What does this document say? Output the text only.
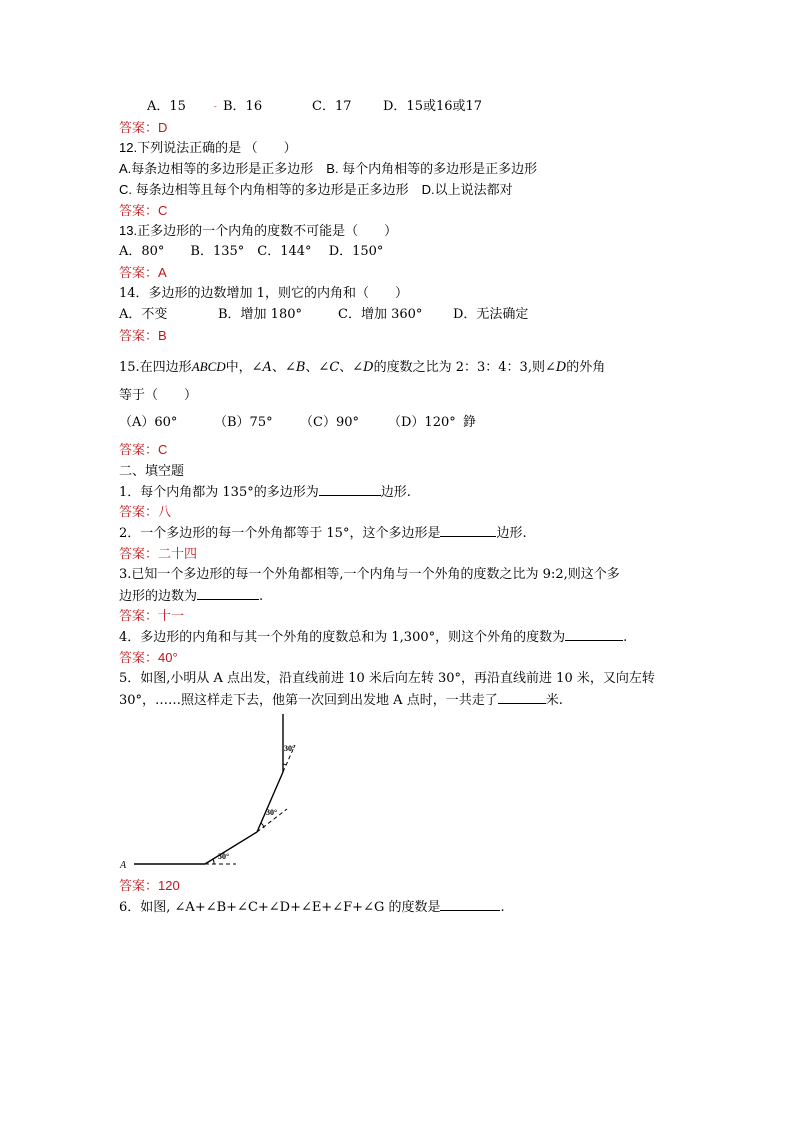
A．15	- B．16	C．17 D．15或16或17
答案：D
12.下列说法正确的是 （　　）
A.每条边相等的多边形是正多边形　B. 每个内角相等的多边形是正多边形
C. 每条边相等且每个内角相等的多边形是正多边形　D.以上说法都对
答案：C
13.正多边形的一个内角的度数不可能是（　　）
A．80°　　B．135°　C．144°　 D．150°
答案：A
14．多边形的边数增加 1，则它的内角和（　　）
A．不变	B．增加 180°	C．增加 360° D．无法确定
答案：B
15.在四边形ABCD中，∠A、∠B、∠C、∠D的度数之比为 2：3：4：3,则∠D的外角
等于（　　）
（A）60°	（B）75° （C）90° （D）120° 錚
答案：C
二、填空题
1．每个内角都为 135°的多边形为	边形.
答案：八
2．一个多边形的每一个外角都等于 15°，这个多边形是	边形.
答案：二十四
3.已知一个多边形的每一个外角都相等,一个内角与一个外角的度数之比为 9:2,则这个多
边形的边数为	.
答案：十一
4．多边形的内角和与其一个外角的度数总和为 1,300°，则这个外角的度数为	.
答案：40°
5．如图,小明从 A 点出发，沿直线前进 10 米后向左转 30°，再沿直线前进 10 米，又向左转
30°，……照这样走下去，他第一次回到出发地 A 点时，一共走了	米.
A
30°
30°
30°
答案：120
6．如图, ∠A+∠B+∠C+∠D+∠E+∠F+∠G 的度数是	.
